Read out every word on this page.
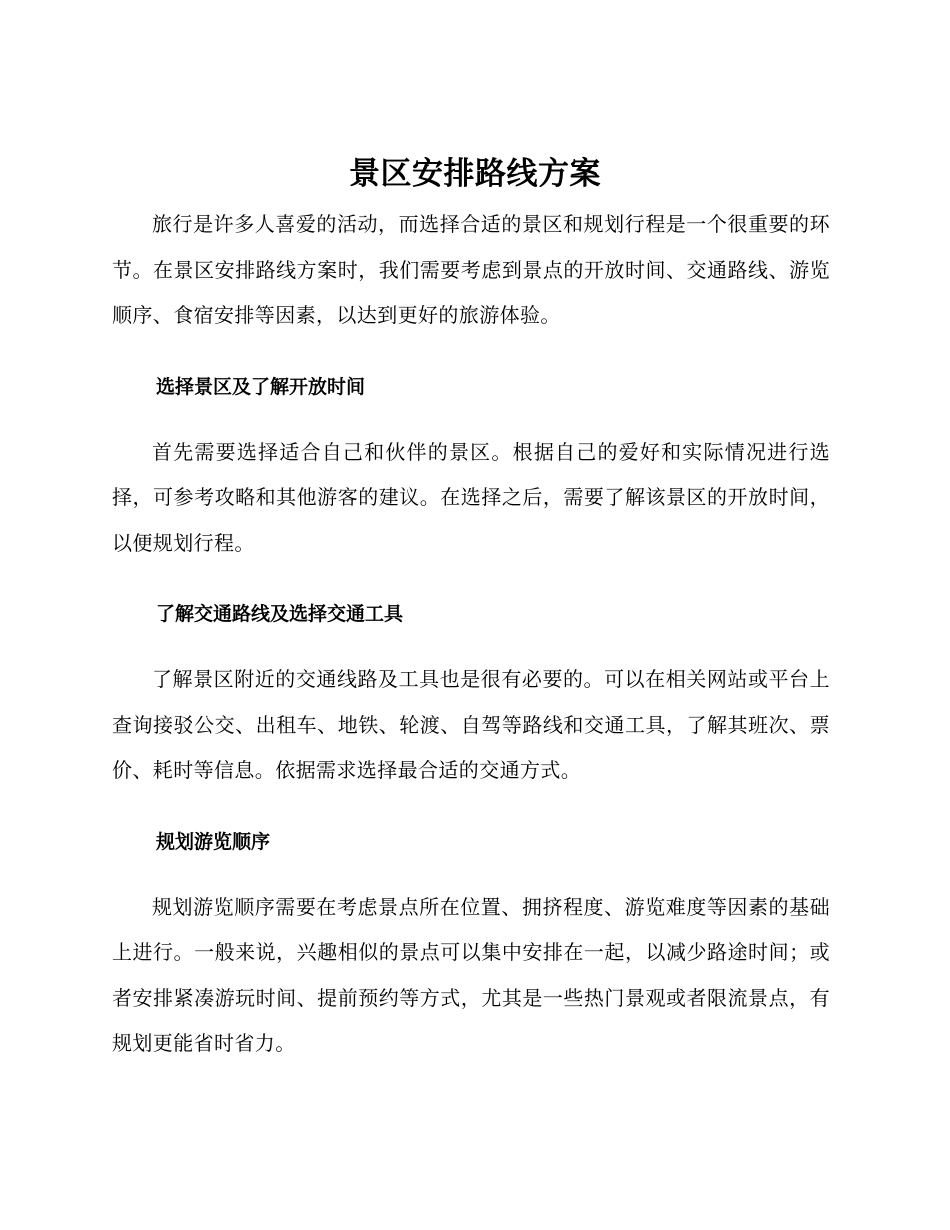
景区安排路线方案

旅行是许多人喜爱的活动，而选择合适的景区和规划行程是一个很重要的环节。在景区安排路线方案时，我们需要考虑到景点的开放时间、交通路线、游览顺序、食宿安排等因素，以达到更好的旅游体验。

选择景区及了解开放时间

首先需要选择适合自己和伙伴的景区。根据自己的爱好和实际情况进行选择，可参考攻略和其他游客的建议。在选择之后，需要了解该景区的开放时间，以便规划行程。

了解交通路线及选择交通工具

了解景区附近的交通线路及工具也是很有必要的。可以在相关网站或平台上查询接驳公交、出租车、地铁、轮渡、自驾等路线和交通工具，了解其班次、票价、耗时等信息。依据需求选择最合适的交通方式。

规划游览顺序

规划游览顺序需要在考虑景点所在位置、拥挤程度、游览难度等因素的基础上进行。一般来说，兴趣相似的景点可以集中安排在一起，以减少路途时间；或者安排紧凑游玩时间、提前预约等方式，尤其是一些热门景观或者限流景点，有规划更能省时省力。
